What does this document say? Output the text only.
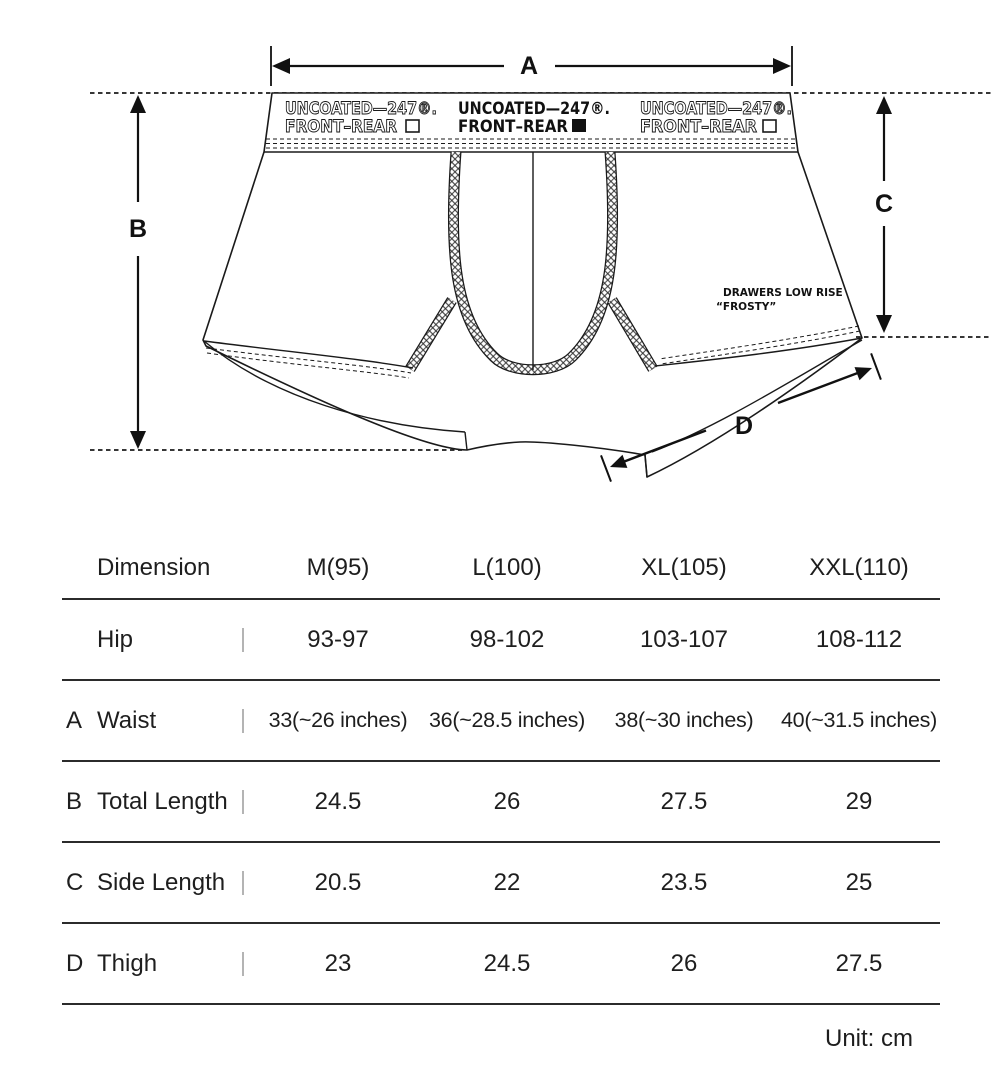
UNCOATED—247®.
FRONT–REAR
UNCOATED—247®.
FRONT–REAR
UNCOATED—247®.
FRONT–REAR
DRAWERS LOW RISE
“FROSTY”
A
B
C
D
Dimension	M(95)	L(100)	XL(105)	XXL(110)
Hip	93-97	98-102	103-107	108-112
A Waist	33(~26 inches)	36(~28.5 inches)	38(~30 inches)	40(~31.5 inches)
B Total Length	24.5	26	27.5	29
C Side Length	20.5	22	23.5	25
D Thigh	23	24.5	26	27.5
Unit: cm
